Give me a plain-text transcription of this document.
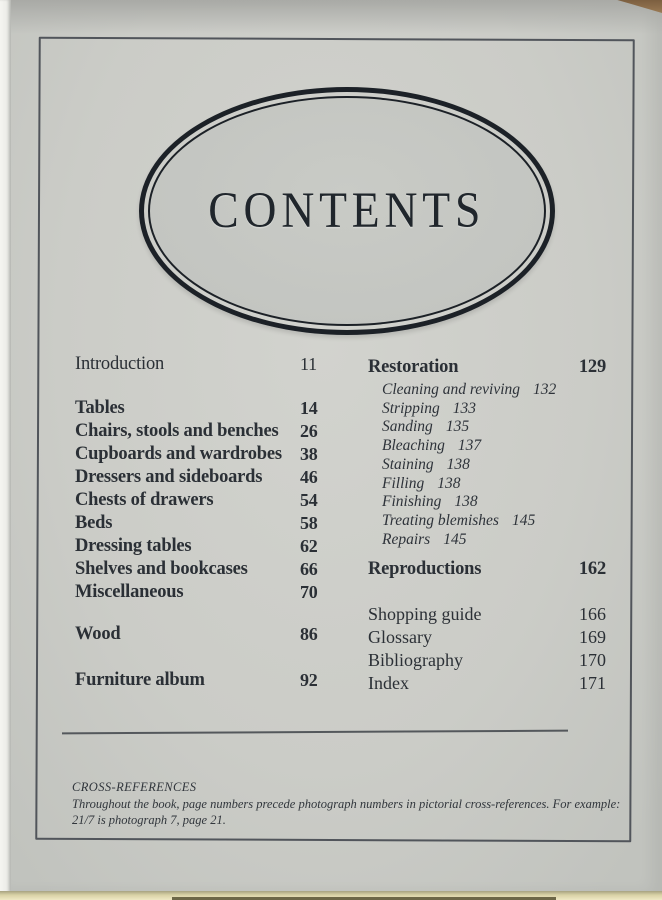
CONTENTS
Introduction	11
Tables	14
Chairs, stools and benches 26
Cupboards and wardrobes 38
Dressers and sideboards 46
Chests of drawers	54
Beds	58
Dressing tables	62
Shelves and bookcases	66
Miscellaneous	70
Wood	86
Furniture album	92
Restoration	129
Cleaning and reviving 132
Stripping 133
Sanding 135
Bleaching 137
Staining 138
Filling 138
Finishing 138
Treating blemishes 145
Repairs 145
Reproductions	162
Shopping guide	166
Glossary	169
Bibliography	170
Index	171
CROSS-REFERENCES
Throughout the book, page numbers precede photograph numbers in pictorial cross-references. For example:
21/7 is photograph 7, page 21.
